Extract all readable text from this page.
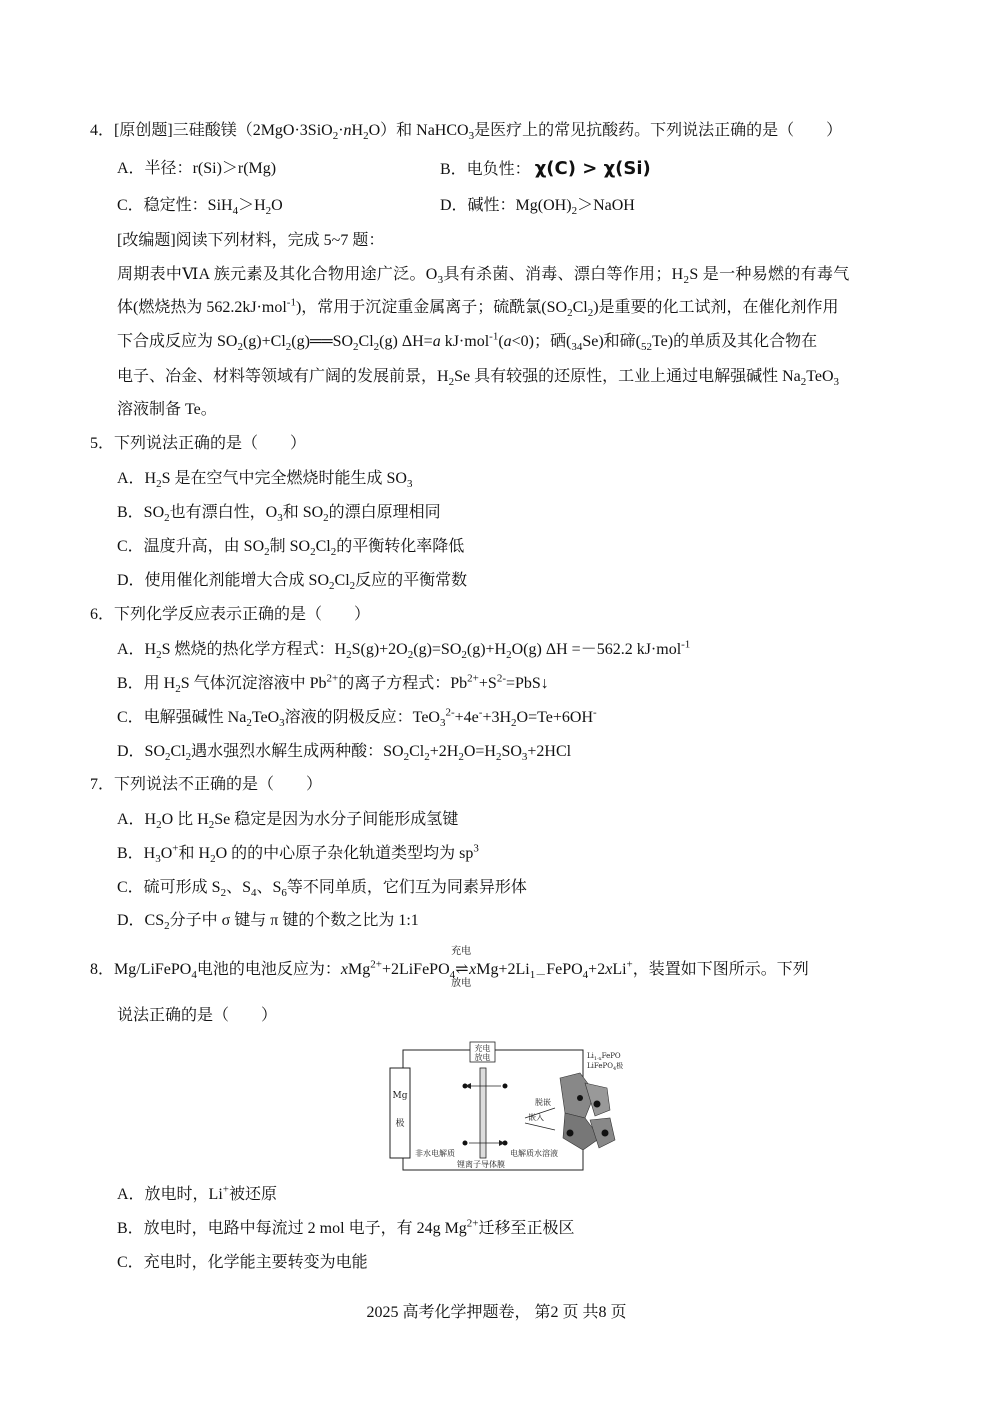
4．[原创题]三硅酸镁$(2MgO\cdot 3SiO_2\cdot nH_2O)$和 NaHCO$_3$是医疗上的常见抗酸药。下列说法正确的是（　　）
A．半径：r(Si)＞r(Mg)	B．电负性： χ(C) > χ(Si)
C．稳定性：$SiH_4>H_2O$	D．碱性：$Mg(OH)_2>NaOH$
[改编题]阅读下列材料，完成 5~7 题：
周期表中ⅥA 族元素及其化合物用途广泛。$O_3$具有杀菌、消毒、漂白等作用；$H_2S$ 是一种易燃的有毒气
体(燃烧热为 562.2kJ·mol$^{-1}$)，常用于沉淀重金属离子；硫酰氯$(SO_2Cl_2)$是重要的化工试剂，在催化剂作用
下合成反应为 $SO_2(g)+Cl_2(g)══SO_2Cl_2(g)$ ΔH=a kJ·mol$^{-1}$(a<0)；硒$(_{34}Se)$和碲$(_{52}Te)$的单质及其化合物在
电子、冶金、材料等领域有广阔的发展前景，$H_2Se$ 具有较强的还原性，工业上通过电解强碱性 $Na_2TeO_3$
溶液制备 Te。
5．下列说法正确的是（　　）
A．$H_2S$ 是在空气中完全燃烧时能生成 $SO_3$
B．$SO_2$也有漂白性，$O_3$和 $SO_2$的漂白原理相同
C．温度升高，由 $SO_2$制 $SO_2Cl_2$的平衡转化率降低
D．使用催化剂能增大合成 $SO_2Cl_2$反应的平衡常数
6．下列化学反应表示正确的是（　　）
A．$H_2S$ 燃烧的热化学方程式：$H_2S(g)+2O_2(g)=SO_2(g)+H_2O(g)$ ΔH =－562.2 kJ·mol$^{-1}$
B．用 $H_2S$ 气体沉淀溶液中 $Pb^{2+}$的离子方程式：$Pb^{2+}+S^{2-}=PbS↓$
C．电解强碱性 $Na_2TeO_3$溶液的阴极反应：$TeO_3^{2-}+4e^-+3H_2O=Te+6OH^-$
D．$SO_2Cl_2$遇水强烈水解生成两种酸：$SO_2Cl_2+2H_2O=H_2SO_3+2HCl$
7．下列说法不正确的是（　　）
A．$H_2O$ 比 $H_2Se$ 稳定是因为水分子间能形成氢键
B．$H_3O^+$和 $H_2O$ 的的中心原子杂化轨道类型均为 $sp^3$
C．硫可形成 $S_2$、$S_4$、$S_6$等不同单质，它们互为同素异形体
D．$CS_2$分子中 σ 键与 π 键的个数之比为 1:1
8．Mg/LiFePO$_4$电池的电池反应为：xMg$^{2+}$+2LiFePO$_4$
充电
⇌
放电
$xMg+2Li_{1-}FePO_4+2xLi^+$，装置如下图所示。下列
说法正确的是（　　）
充电
放电
Mg
极
脱嵌
嵌入
$Li_{1-x}FePO$
LiFePO$_4$极
非水电解质
锂离子导体膜
电解质水溶液
A．放电时，Li+被还原
B．放电时，电路中每流过 2 mol 电子，有 24g $Mg^{2+}$迁移至正极区
C．充电时，化学能主要转变为电能
2025 高考化学押题卷， 第2 页 共8 页
